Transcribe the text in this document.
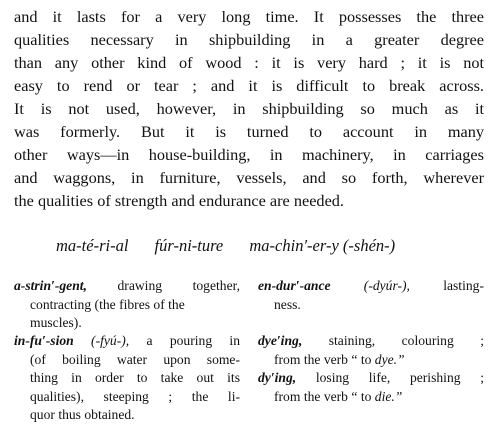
and it lasts for a very long time. It possesses the three
qualities necessary in shipbuilding in a greater degree
than any other kind of wood : it is very hard ; it is not
easy to rend or tear ; and it is difficult to break across.
It is not used, however, in shipbuilding so much as it
was formerly. But it is turned to account in many
other ways—in house-building, in machinery, in carriages
and waggons, in furniture, vessels, and so forth, wherever
the qualities of strength and endurance are needed.
ma-té-ri-al fúr-ni-ture ma-chin′-er-y (-shén-)
a-strin′-gent, drawing together,
contracting (the fibres of the
muscles).
en-dur′-ance (-dyúr-), lasting-
ness.
in-fu′-sion (-fyú-), a pouring in
(of boiling water upon some-
thing in order to take out its
qualities), steeping ; the li-
quor thus obtained.
dye′ing, staining, colouring ;
from the verb “ to dye.”
dy′ing, losing life, perishing ;
from the verb “ to die.”
